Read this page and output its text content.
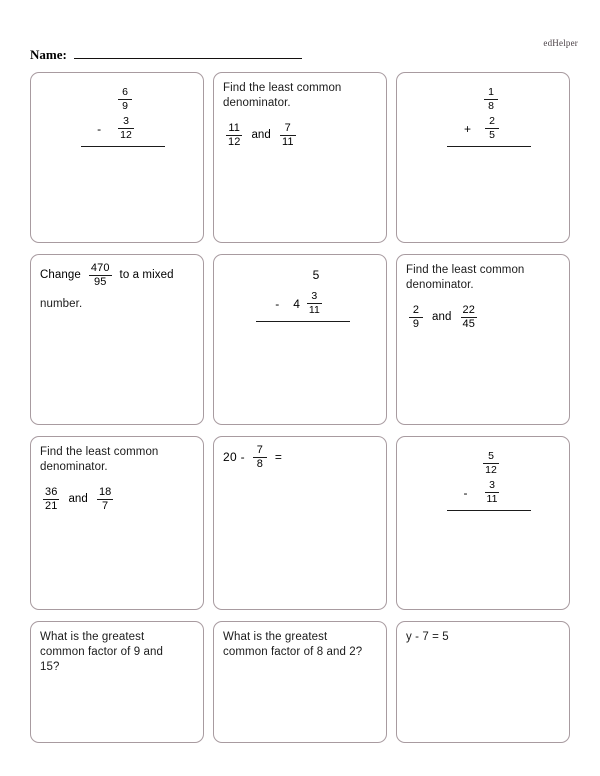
edHelper
Name:
$\frac{6}{9}$
-	$\frac{3}{12}$
Find the least common
denominator.
$\frac{11}{12}$ and $\frac{7}{11}$
$\frac{1}{8}$
+	$\frac{2}{5}$
Change $\frac{470}{95}$ to a mixed
number.
5
-	$4 \frac{3}{11}$
Find the least common
denominator.
$\frac{2}{9}$ and $\frac{22}{45}$
Find the least common
denominator.
$\frac{36}{21}$ and $\frac{18}{7}$
$20 - \frac{7}{8}$ =	$\frac{5}{12}$
-	$\frac{3}{11}$
What is the greatest
common factor of 9 and
15?
What is the greatest
common factor of 8 and 2?
y - 7 = 5
